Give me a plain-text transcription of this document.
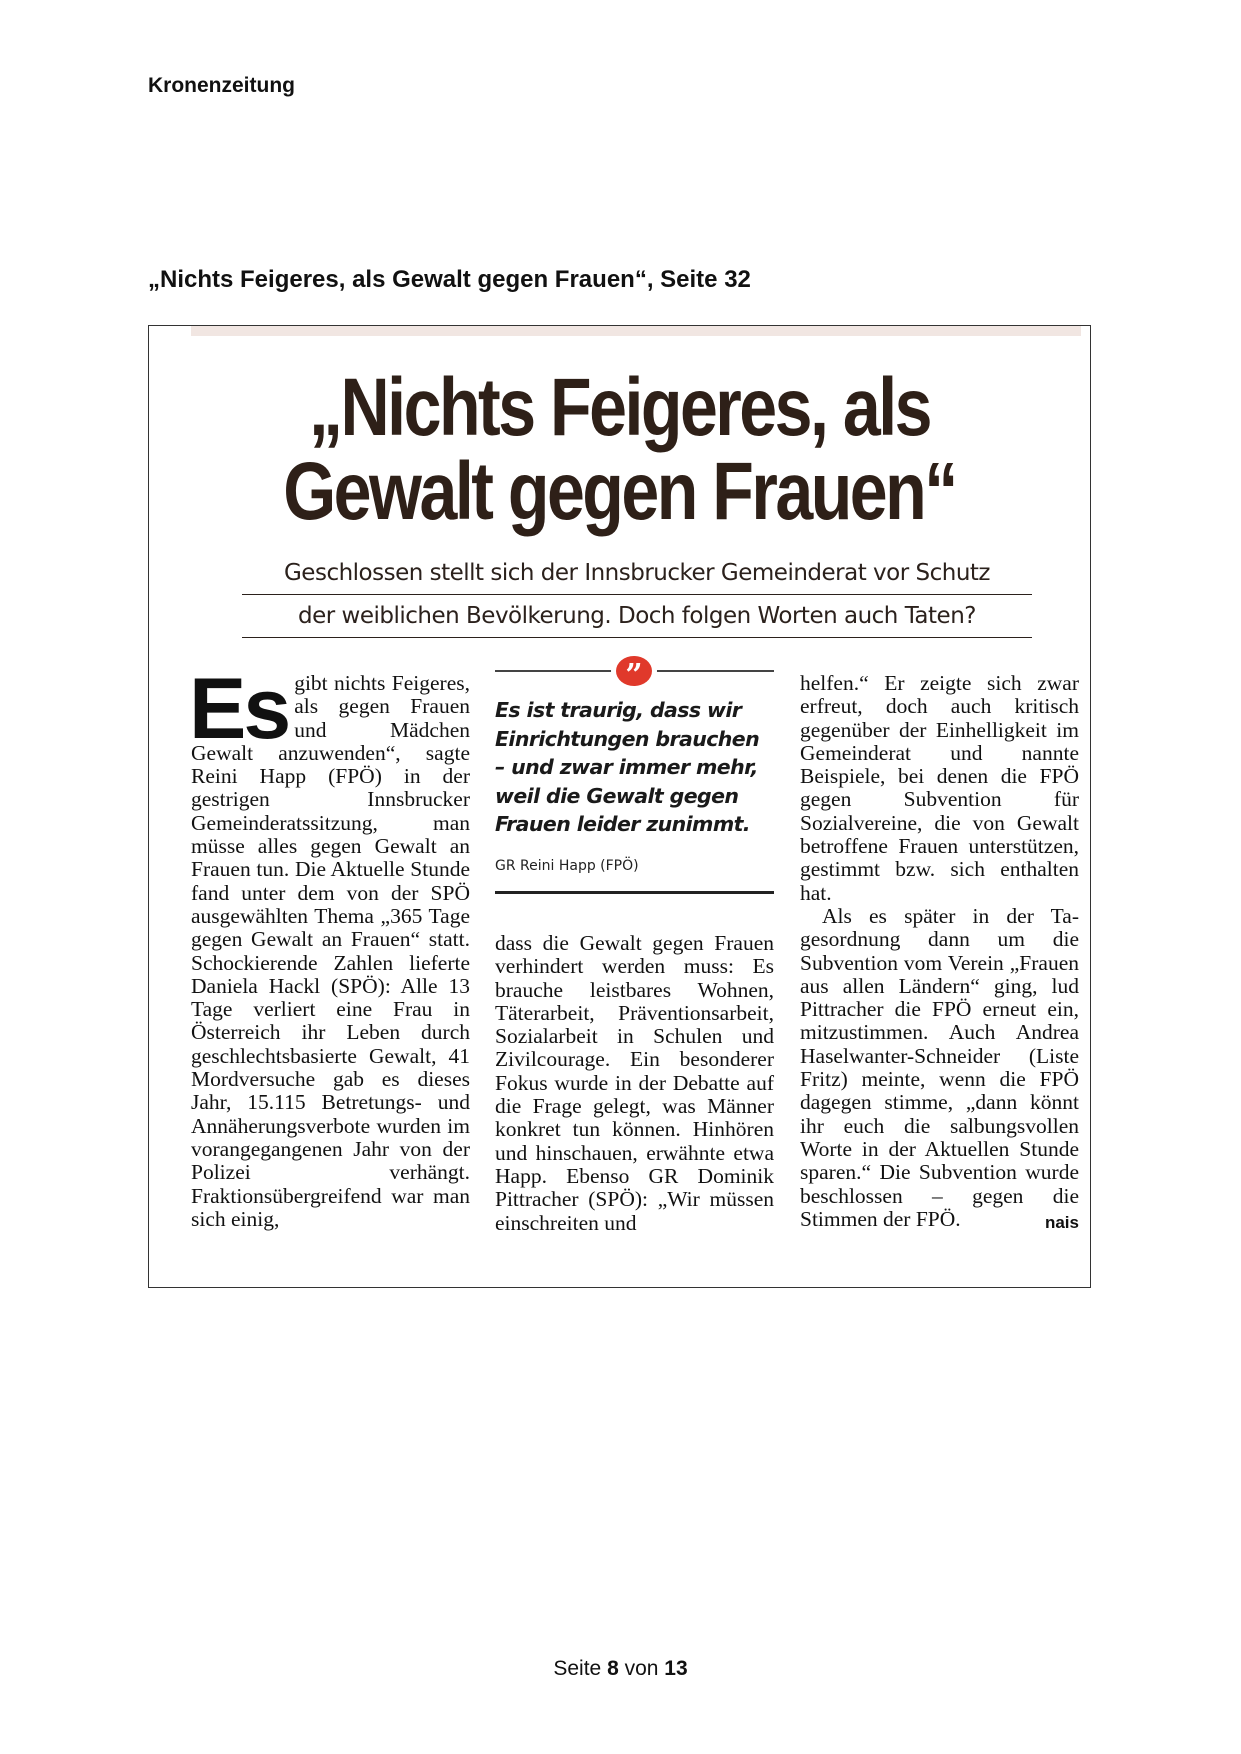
Kronenzeitung
„Nichts Feigeres, als Gewalt gegen Frauen“, Seite 32
„Nichts Feigeres, als
Gewalt gegen Frauen“
Geschlossen stellt sich der Innsbrucker Gemeinderat vor Schutz
der weiblichen Bevölkerung. Doch folgen Worten auch Taten?

Es gibt nichts Feigeres, als gegen Frauen und Mädchen Gewalt anzuwenden“, sagte Reini Happ (FPÖ) in der gestrigen Innsbrucker Gemeinderatssitzung, man müsse alles gegen Gewalt an Frauen tun. Die Aktuelle Stunde fand unter dem von der SPÖ ausgewählten Thema „365 Tage gegen Gewalt an Frauen“ statt. Schockierende Zahlen lieferte Daniela Hackl (SPÖ): Alle 13 Tage verliert eine Frau in Österreich ihr Leben durch geschlechtsbasierte Gewalt, 41 Mordversuche gab es dieses Jahr, 15.115 Betretungs- und Annäherungsverbote wurden im vorangegangenen Jahr von der Polizei verhängt. Fraktionsübergreifend war man sich einig,

”
Es ist traurig, dass wir Einrichtungen brauchen – und zwar immer mehr, weil die Gewalt gegen Frauen leider zunimmt.
GR Reini Happ (FPÖ)

dass die Gewalt gegen Frauen verhindert werden muss: Es brauche leistbares Wohnen, Täterarbeit, Präventionsarbeit, Sozialarbeit in Schulen und Zivilcourage. Ein besonderer Fokus wurde in der Debatte auf die Frage gelegt, was Männer konkret tun können. Hinhören und hinschauen, erwähnte etwa Happ. Ebenso GR Dominik Pittracher (SPÖ): „Wir müssen einschreiten und

helfen.“ Er zeigte sich zwar erfreut, doch auch kritisch gegenüber der Einhelligkeit im Gemeinderat und nannte Beispiele, bei denen die FPÖ gegen Subvention für Sozialvereine, die von Gewalt betroffene Frauen unterstützen, gestimmt bzw. sich enthalten hat.

Als es später in der Tagesordnung dann um die Subvention vom Verein „Frauen aus allen Ländern“ ging, lud Pittracher die FPÖ erneut ein, mitzustimmen. Auch Andrea Haselwanter-Schneider (Liste Fritz) meinte, wenn die FPÖ dagegen stimme, „dann könnt ihr euch die salbungsvollen Worte in der Aktuellen Stunde sparen.“ Die Subvention wurde beschlossen – gegen die Stimmen der FPÖ.	nais

Seite 8 von 13
